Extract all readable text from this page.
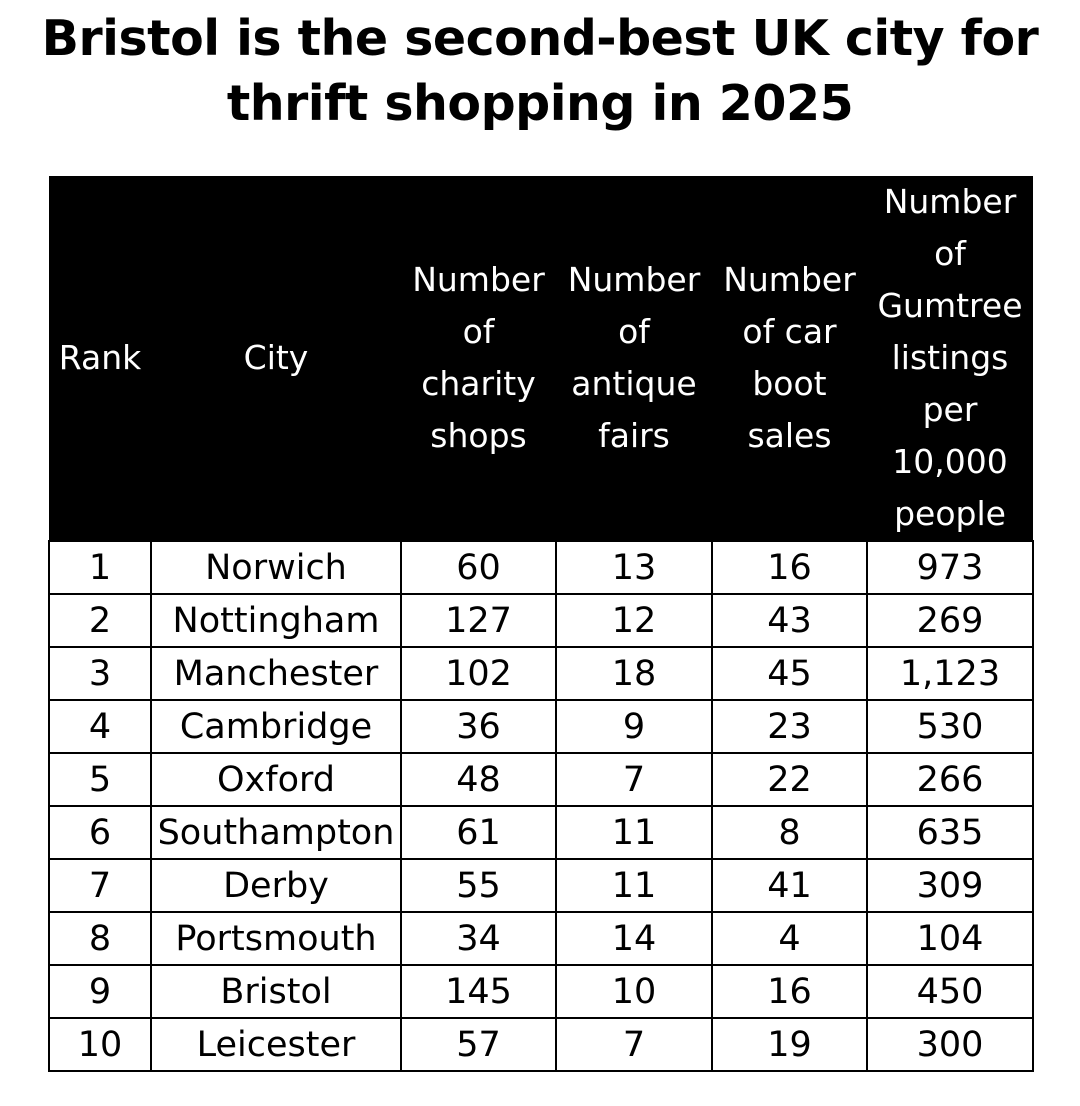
Bristol is the second-best UK city for
thrift shopping in 2025
Rank	City	Number of charity shops	Number of antique fairs	Number of car boot sales	Number of Gumtree listings per 10,000 people
1	Norwich	60	13	16	973
2	Nottingham	127	12	43	269
3	Manchester	102	18	45	1,123
4	Cambridge	36	9	23	530
5	Oxford	48	7	22	266
6	Southampton	61	11	8	635
7	Derby	55	11	41	309
8	Portsmouth	34	14	4	104
9	Bristol	145	10	16	450
10	Leicester	57	7	19	300
